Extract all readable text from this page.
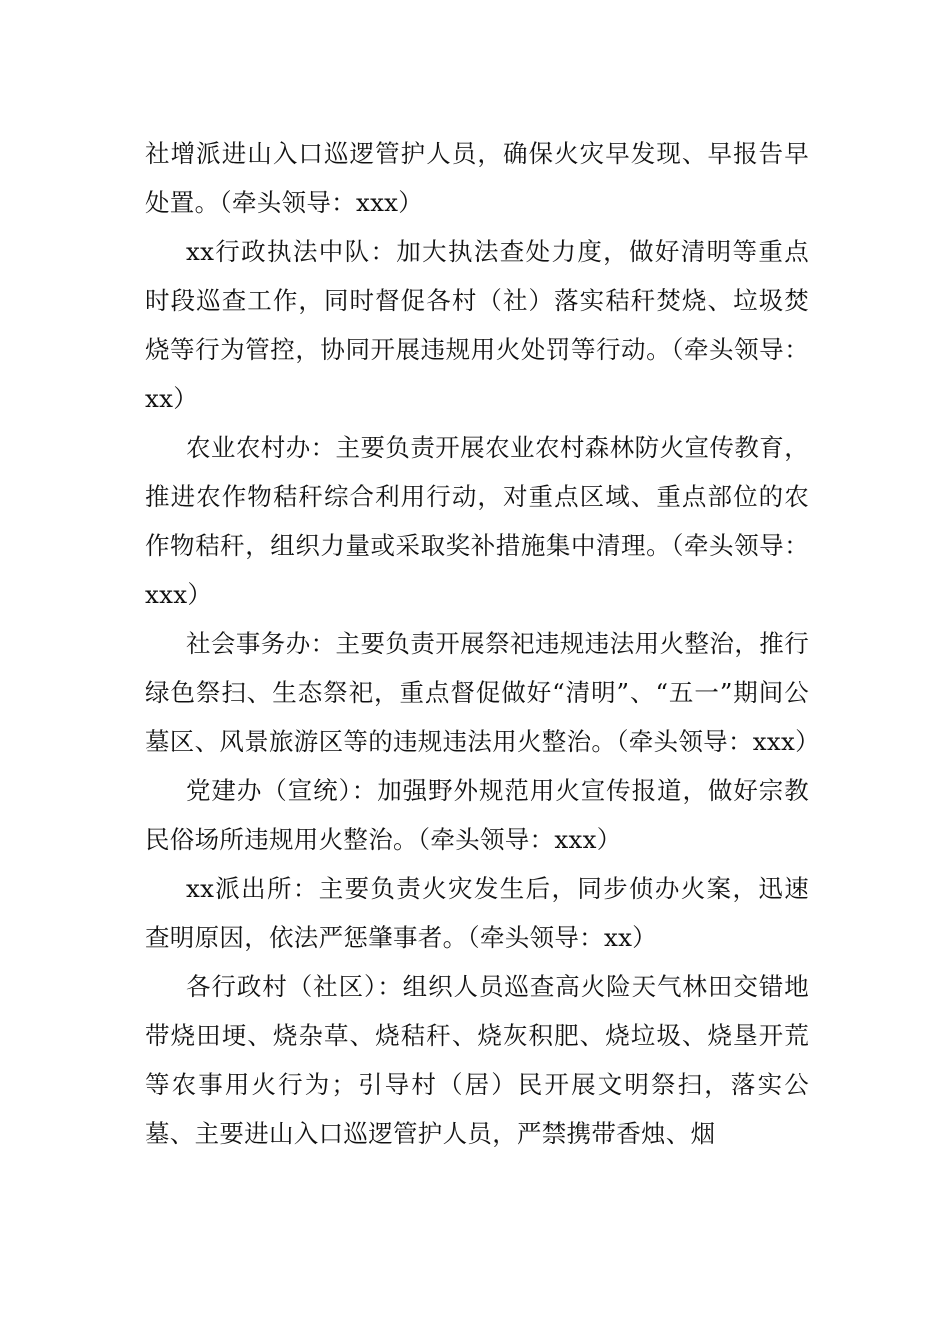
社增派进山入口巡逻管护人员，确保火灾早发现、早报告早处置。（牵头领导：xxx）

xx行政执法中队：加大执法查处力度，做好清明等重点时段巡查工作，同时督促各村（社）落实秸秆焚烧、垃圾焚烧等行为管控，协同开展违规用火处罚等行动。（牵头领导：xx）

农业农村办：主要负责开展农业农村森林防火宣传教育，推进农作物秸秆综合利用行动，对重点区域、重点部位的农作物秸秆，组织力量或采取奖补措施集中清理。（牵头领导：xxx）

社会事务办：主要负责开展祭祀违规违法用火整治，推行绿色祭扫、生态祭祀，重点督促做好“清明”、“五一”期间公墓区、风景旅游区等的违规违法用火整治。（牵头领导：xxx）

党建办（宣统）：加强野外规范用火宣传报道，做好宗教民俗场所违规用火整治。（牵头领导：xxx）

xx派出所：主要负责火灾发生后，同步侦办火案，迅速查明原因，依法严惩肇事者。（牵头领导：xx）

各行政村（社区）：组织人员巡查高火险天气林田交错地带烧田埂、烧杂草、烧秸秆、烧灰积肥、烧垃圾、烧垦开荒等农事用火行为；引导村（居）民开展文明祭扫，落实公墓、主要进山入口巡逻管护人员，严禁携带香烛、烟
